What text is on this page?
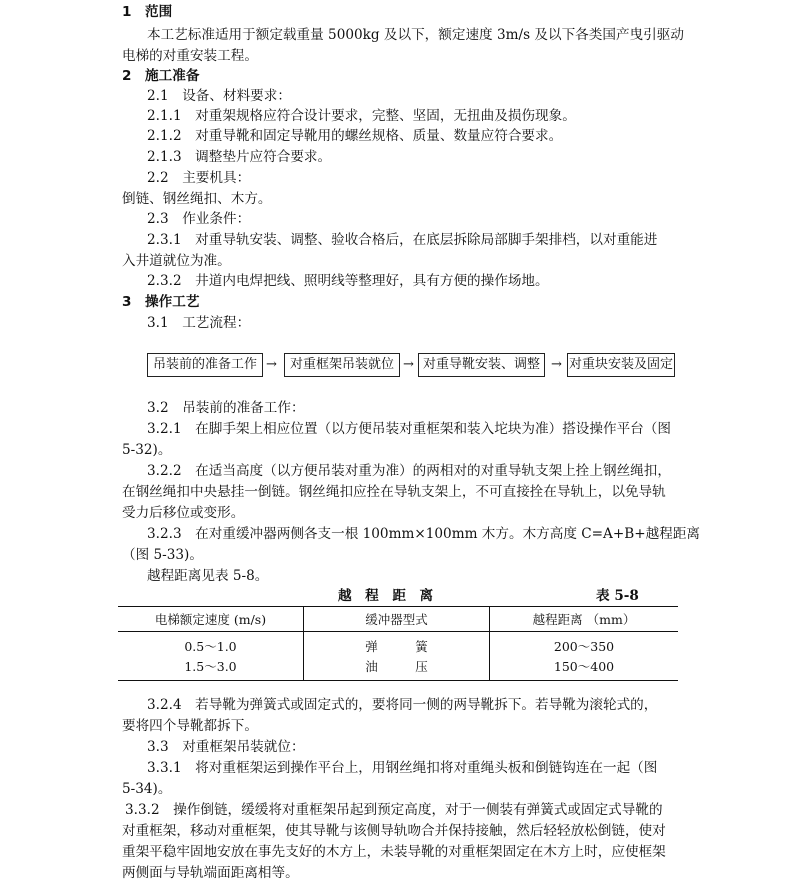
1　范围
本工艺标准适用于额定载重量 5000kg 及以下，额定速度 3m/s 及以下各类国产曳引驱动
电梯的对重安装工程。
2　施工准备
2.1　设备、材料要求：
2.1.1　对重架规格应符合设计要求，完整、坚固，无扭曲及损伤现象。
2.1.2　对重导靴和固定导靴用的螺丝规格、质量、数量应符合要求。
2.1.3　调整垫片应符合要求。
2.2　主要机具：
倒链、钢丝绳扣、木方。
2.3　作业条件：
2.3.1　对重导轨安装、调整、验收合格后，在底层拆除局部脚手架排档，以对重能进
入井道就位为准。
2.3.2　井道内电焊把线、照明线等整理好，具有方便的操作场地。
3　操作工艺
3.1　工艺流程：
吊装前的准备工作 →	对重框架吊装就位 → 对重导靴安装、调整 → 对重块安装及固定
3.2　吊装前的准备工作：
3.2.1　在脚手架上相应位置（以方便吊装对重框架和装入坨块为准）搭设操作平台（图
5-32)。
3.2.2　在适当高度（以方便吊装对重为准）的两相对的对重导轨支架上拴上钢丝绳扣，
在钢丝绳扣中央悬挂一倒链。钢丝绳扣应拴在导轨支架上，不可直接拴在导轨上，以免导轨
受力后移位或变形。
3.2.3　在对重缓冲器两侧各支一根 100mm×100mm 木方。木方高度 C=A+B+越程距离
（图 5-33)。
越程距离见表 5-8。
越　程　距　离	表 5-8
电梯额定速度 (m/s)	缓冲器型式	越程距离 （mm）
0.5～1.0	弹　　　簧	200～350
1.5～3.0	油　　　压	150～400
3.2.4　若导靴为弹簧式或固定式的，要将同一侧的两导靴拆下。若导靴为滚轮式的，
要将四个导靴都拆下。
3.3　对重框架吊装就位：
3.3.1　将对重框架运到操作平台上，用钢丝绳扣将对重绳头板和倒链钩连在一起（图
5-34)。
3.3.2　操作倒链，缓缓将对重框架吊起到预定高度，对于一侧装有弹簧式或固定式导靴的
对重框架，移动对重框架，使其导靴与该侧导轨吻合并保持接触，然后轻轻放松倒链，使对
重架平稳牢固地安放在事先支好的木方上，未装导靴的对重框架固定在木方上时，应使框架
两侧面与导轨端面距离相等。
